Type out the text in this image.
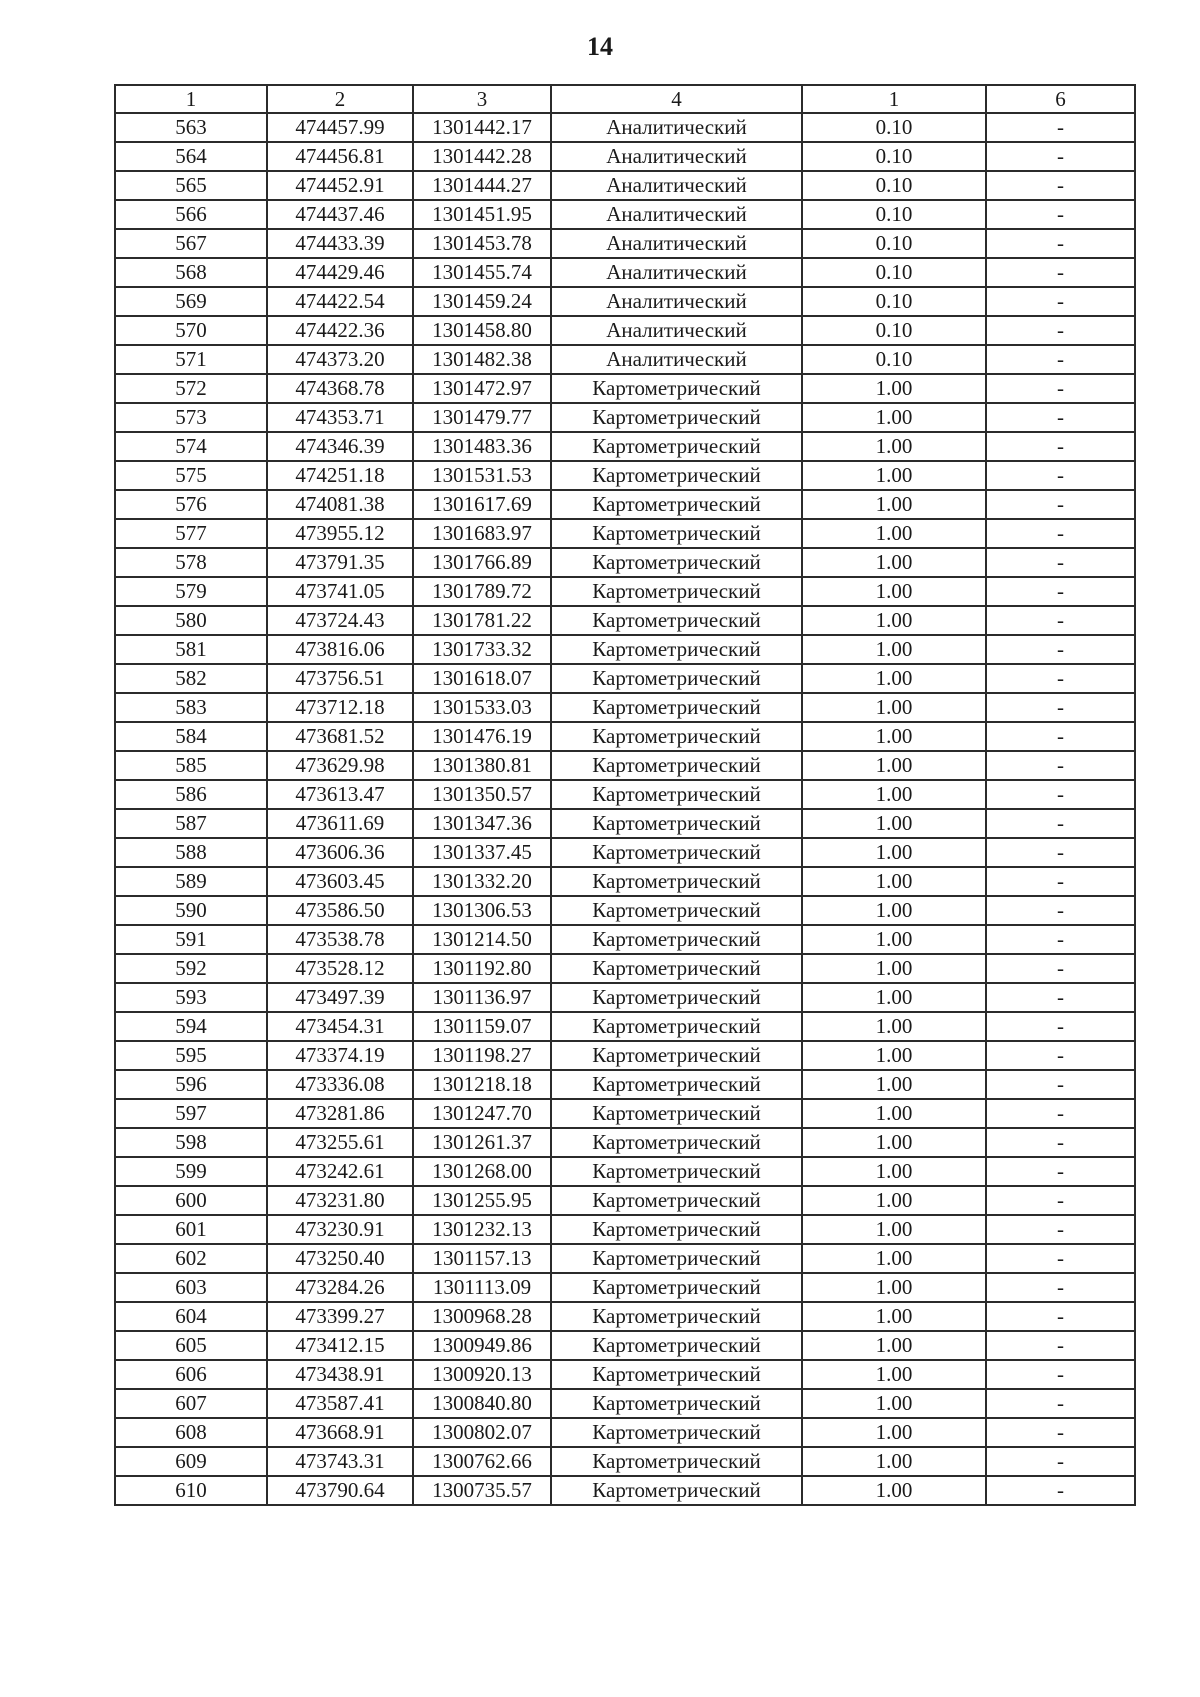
14
1	2	3	4	1	6
563	474457.99	1301442.17	Аналитический	0.10	-
564	474456.81	1301442.28	Аналитический	0.10	-
565	474452.91	1301444.27	Аналитический	0.10	-
566	474437.46	1301451.95	Аналитический	0.10	-
567	474433.39	1301453.78	Аналитический	0.10	-
568	474429.46	1301455.74	Аналитический	0.10	-
569	474422.54	1301459.24	Аналитический	0.10	-
570	474422.36	1301458.80	Аналитический	0.10	-
571	474373.20	1301482.38	Аналитический	0.10	-
572	474368.78	1301472.97	Картометрический	1.00	-
573	474353.71	1301479.77	Картометрический	1.00	-
574	474346.39	1301483.36	Картометрический	1.00	-
575	474251.18	1301531.53	Картометрический	1.00	-
576	474081.38	1301617.69	Картометрический	1.00	-
577	473955.12	1301683.97	Картометрический	1.00	-
578	473791.35	1301766.89	Картометрический	1.00	-
579	473741.05	1301789.72	Картометрический	1.00	-
580	473724.43	1301781.22	Картометрический	1.00	-
581	473816.06	1301733.32	Картометрический	1.00	-
582	473756.51	1301618.07	Картометрический	1.00	-
583	473712.18	1301533.03	Картометрический	1.00	-
584	473681.52	1301476.19	Картометрический	1.00	-
585	473629.98	1301380.81	Картометрический	1.00	-
586	473613.47	1301350.57	Картометрический	1.00	-
587	473611.69	1301347.36	Картометрический	1.00	-
588	473606.36	1301337.45	Картометрический	1.00	-
589	473603.45	1301332.20	Картометрический	1.00	-
590	473586.50	1301306.53	Картометрический	1.00	-
591	473538.78	1301214.50	Картометрический	1.00	-
592	473528.12	1301192.80	Картометрический	1.00	-
593	473497.39	1301136.97	Картометрический	1.00	-
594	473454.31	1301159.07	Картометрический	1.00	-
595	473374.19	1301198.27	Картометрический	1.00	-
596	473336.08	1301218.18	Картометрический	1.00	-
597	473281.86	1301247.70	Картометрический	1.00	-
598	473255.61	1301261.37	Картометрический	1.00	-
599	473242.61	1301268.00	Картометрический	1.00	-
600	473231.80	1301255.95	Картометрический	1.00	-
601	473230.91	1301232.13	Картометрический	1.00	-
602	473250.40	1301157.13	Картометрический	1.00	-
603	473284.26	1301113.09	Картометрический	1.00	-
604	473399.27	1300968.28	Картометрический	1.00	-
605	473412.15	1300949.86	Картометрический	1.00	-
606	473438.91	1300920.13	Картометрический	1.00	-
607	473587.41	1300840.80	Картометрический	1.00	-
608	473668.91	1300802.07	Картометрический	1.00	-
609	473743.31	1300762.66	Картометрический	1.00	-
610	473790.64	1300735.57	Картометрический	1.00	-
